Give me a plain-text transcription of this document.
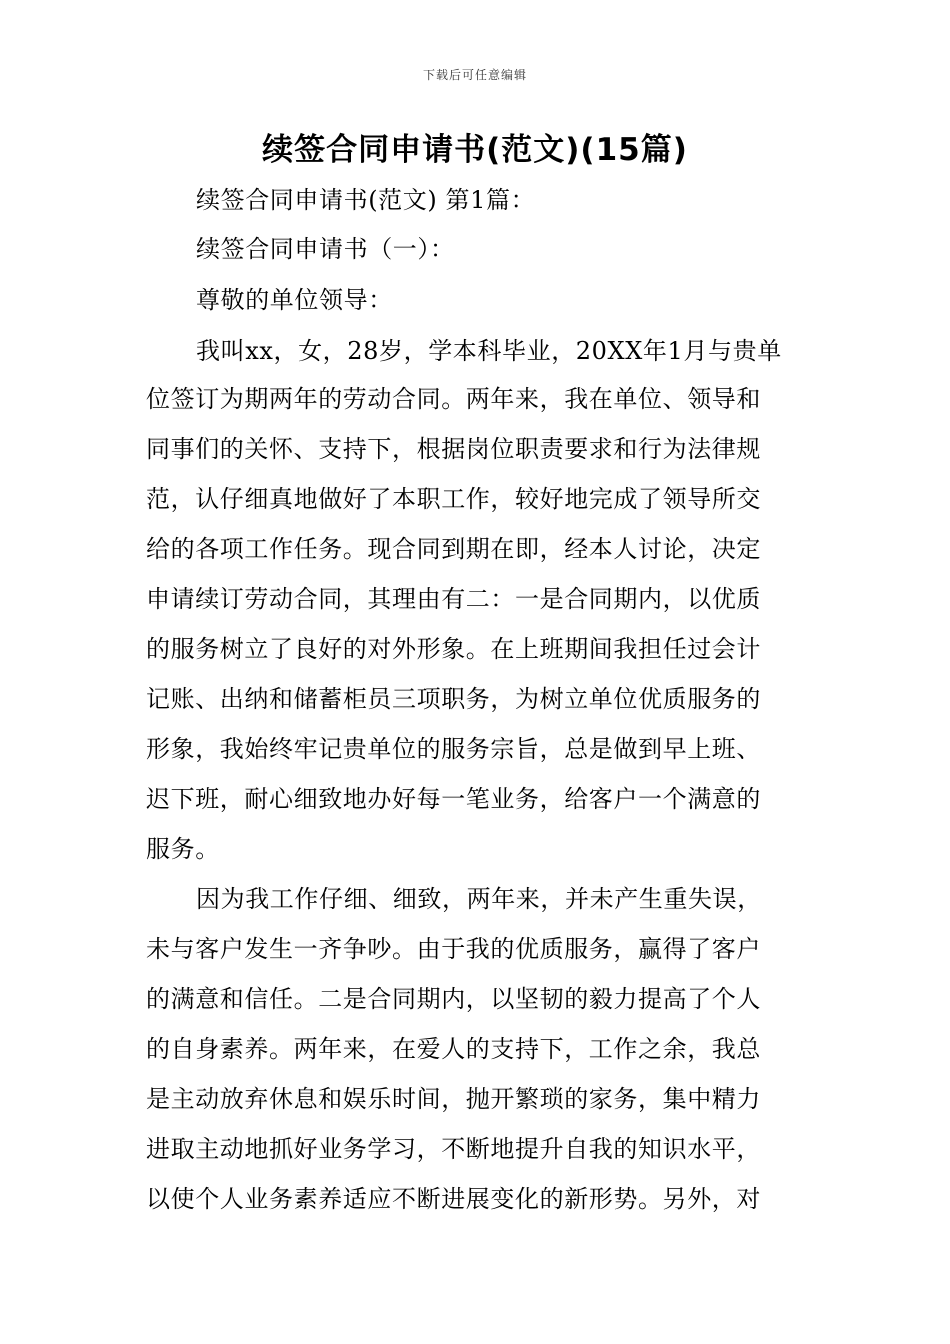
下载后可任意编辑
续签合同申请书(范文)(15篇)
续签合同申请书(范文) 第1篇：
续签合同申请书（一）：
尊敬的单位领导：
我叫xx，女，28岁，学本科毕业，20XX年1月与贵单
位签订为期两年的劳动合同。两年来，我在单位、领导和
同事们的关怀、支持下，根据岗位职责要求和行为法律规
范，认仔细真地做好了本职工作，较好地完成了领导所交
给的各项工作任务。现合同到期在即，经本人讨论，决定
申请续订劳动合同，其理由有二：一是合同期内，以优质
的服务树立了良好的对外形象。在上班期间我担任过会计
记账、出纳和储蓄柜员三项职务，为树立单位优质服务的
形象，我始终牢记贵单位的服务宗旨，总是做到早上班、
迟下班，耐心细致地办好每一笔业务，给客户一个满意的
服务。
因为我工作仔细、细致，两年来，并未产生重失误，
未与客户发生一齐争吵。由于我的优质服务，赢得了客户
的满意和信任。二是合同期内，以坚韧的毅力提高了个人
的自身素养。两年来，在爱人的支持下，工作之余，我总
是主动放弃休息和娱乐时间，抛开繁琐的家务，集中精力
进取主动地抓好业务学习，不断地提升自我的知识水平，
以使个人业务素养适应不断进展变化的新形势。另外，对
